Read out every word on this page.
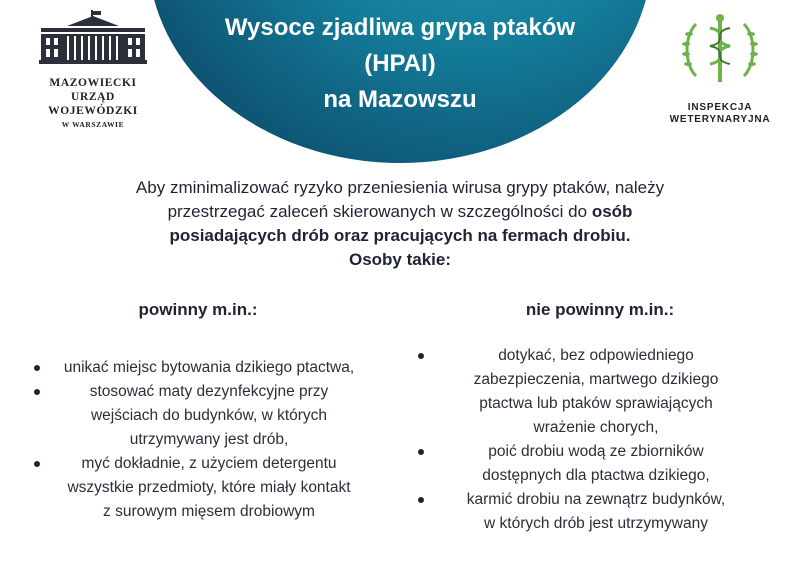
Wysoce zjadliwa grypa ptaków
(HPAI)
na Mazowszu
MAZOWIECKI
URZĄD WOJEWÓDZKI
W WARSZAWIE
INSPEKCJA
WETERYNARYJNA
Aby zminimalizować ryzyko przeniesienia wirusa grypy ptaków, należy
przestrzegać zaleceń skierowanych w szczególności do osób
posiadających drób oraz pracujących na fermach drobiu.
Osoby takie:
powinny m.in.:	nie powinny m.in.:
unikać miejsc bytowania dzikiego ptactwa,
stosować maty dezynfekcyjne przy
wejściach do budynków, w których
utrzymywany jest drób,
myć dokładnie, z użyciem detergentu
wszystkie przedmioty, które miały kontakt
z surowym mięsem drobiowym
dotykać, bez odpowiedniego
zabezpieczenia, martwego dzikiego
ptactwa lub ptaków sprawiających
wrażenie chorych,
poić drobiu wodą ze zbiorników
dostępnych dla ptactwa dzikiego,
karmić drobiu na zewnątrz budynków,
w których drób jest utrzymywany
